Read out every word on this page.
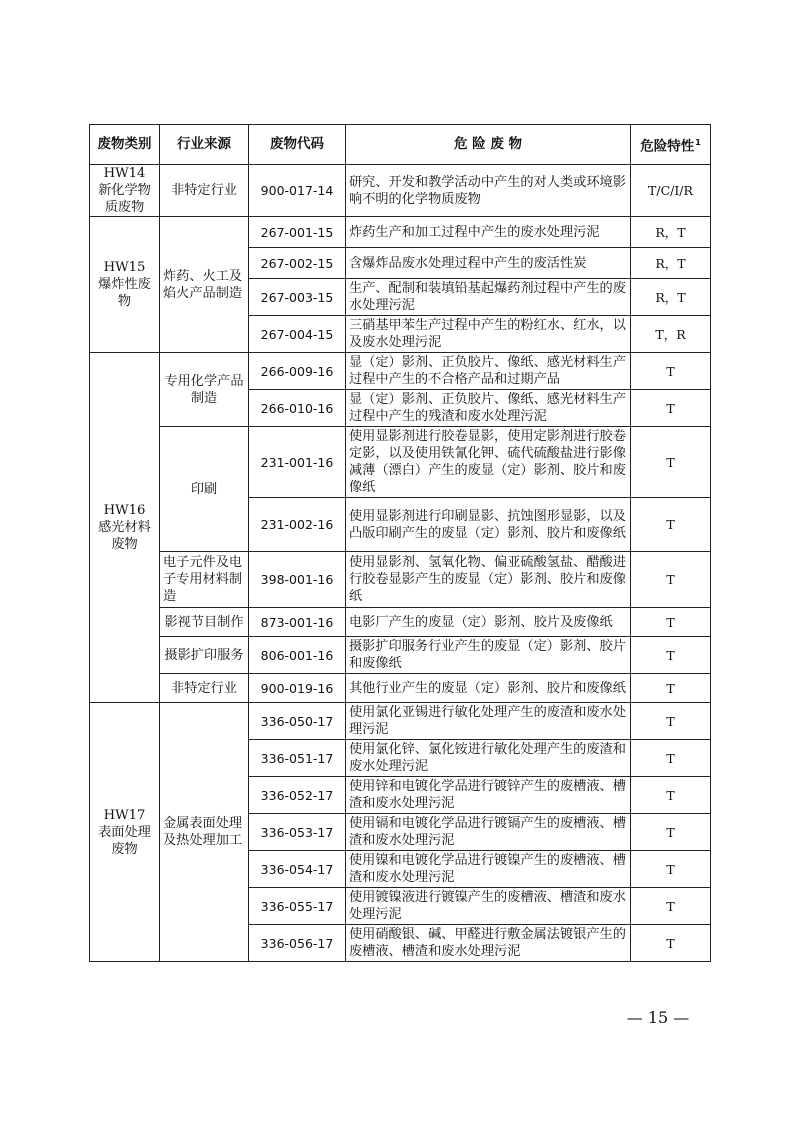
废物类别	行业来源	废物代码	危 险 废 物	危险特性$^1$
HW14
新化学物
质废物	非特定行业	900-017-14	研究、开发和教学活动中产生的对人类或环境影响不明的化学物质废物	T/C/I/R
HW15
爆炸性废
物	炸药、火工及焰火产品制造	267-001-15	炸药生产和加工过程中产生的废水处理污泥	R，T
		267-002-15	含爆炸品废水处理过程中产生的废活性炭	R，T
		267-003-15	生产、配制和装填铅基起爆药剂过程中产生的废水处理污泥	R，T
		267-004-15	三硝基甲苯生产过程中产生的粉红水、红水，以及废水处理污泥	T，R
HW16
感光材料
废物	专用化学产品制造	266-009-16	显（定）影剂、正负胶片、像纸、感光材料生产过程中产生的不合格产品和过期产品	T
		266-010-16	显（定）影剂、正负胶片、像纸、感光材料生产过程中产生的残渣和废水处理污泥	T
	印刷	231-001-16	使用显影剂进行胶卷显影，使用定影剂进行胶卷定影，以及使用铁氰化钾、硫代硫酸盐进行影像减薄（漂白）产生的废显（定）影剂、胶片和废像纸	T
		231-002-16	使用显影剂进行印刷显影、抗蚀图形显影，以及凸版印刷产生的废显（定）影剂、胶片和废像纸	T
	电子元件及电子专用材料制造	398-001-16	使用显影剂、氢氧化物、偏亚硫酸氢盐、醋酸进行胶卷显影产生的废显（定）影剂、胶片和废像纸	T
	影视节目制作	873-001-16	电影厂产生的废显（定）影剂、胶片及废像纸	T
	摄影扩印服务	806-001-16	摄影扩印服务行业产生的废显（定）影剂、胶片和废像纸	T
	非特定行业	900-019-16	其他行业产生的废显（定）影剂、胶片和废像纸	T
HW17
表面处理
废物	金属表面处理及热处理加工	336-050-17	使用氯化亚锡进行敏化处理产生的废渣和废水处理污泥	T
		336-051-17	使用氯化锌、氯化铵进行敏化处理产生的废渣和废水处理污泥	T
		336-052-17	使用锌和电镀化学品进行镀锌产生的废槽液、槽渣和废水处理污泥	T
		336-053-17	使用镉和电镀化学品进行镀镉产生的废槽液、槽渣和废水处理污泥	T
		336-054-17	使用镍和电镀化学品进行镀镍产生的废槽液、槽渣和废水处理污泥	T
		336-055-17	使用镀镍液进行镀镍产生的废槽液、槽渣和废水处理污泥	T
		336-056-17	使用硝酸银、碱、甲醛进行敷金属法镀银产生的废槽液、槽渣和废水处理污泥	T
— 15 —
